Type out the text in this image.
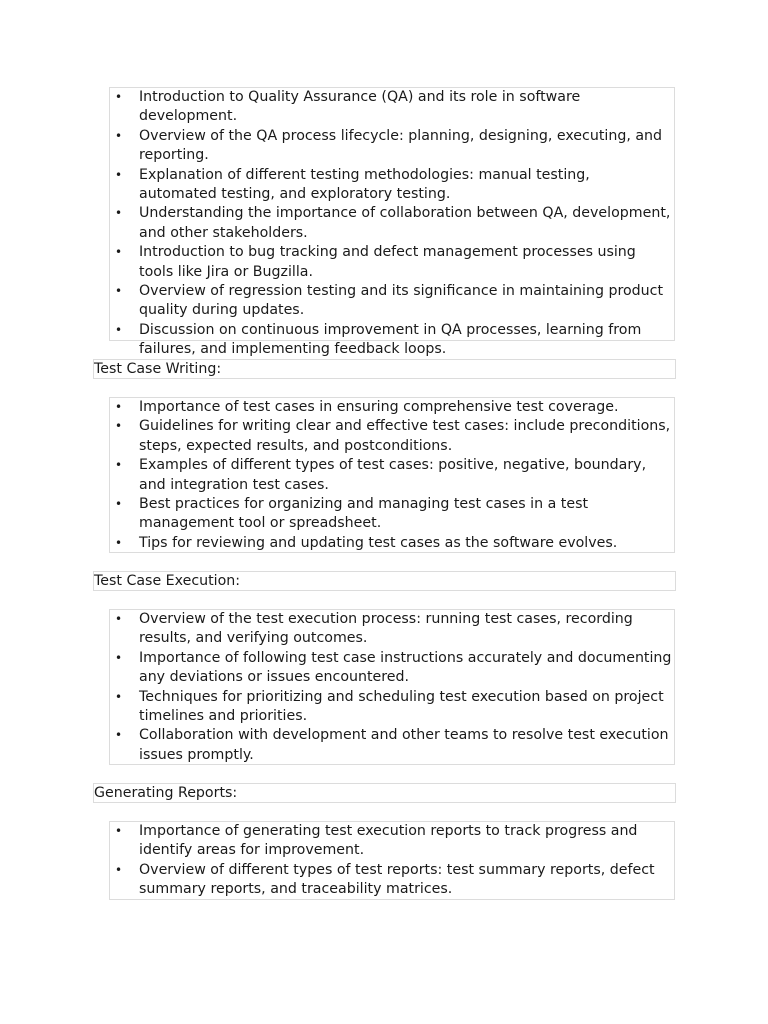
• Introduction to Quality Assurance (QA) and its role in software development.
• Overview of the QA process lifecycle: planning, designing, executing, and reporting.
• Explanation of different testing methodologies: manual testing, automated testing, and exploratory testing.
• Understanding the importance of collaboration between QA, development, and other stakeholders.
• Introduction to bug tracking and defect management processes using tools like Jira or Bugzilla.
• Overview of regression testing and its significance in maintaining product quality during updates.
• Discussion on continuous improvement in QA processes, learning from failures, and implementing feedback loops.
Test Case Writing:
• Importance of test cases in ensuring comprehensive test coverage.
• Guidelines for writing clear and effective test cases: include preconditions, steps, expected results, and postconditions.
• Examples of different types of test cases: positive, negative, boundary, and integration test cases.
• Best practices for organizing and managing test cases in a test management tool or spreadsheet.
• Tips for reviewing and updating test cases as the software evolves.
Test Case Execution:
• Overview of the test execution process: running test cases, recording results, and verifying outcomes.
• Importance of following test case instructions accurately and documenting any deviations or issues encountered.
• Techniques for prioritizing and scheduling test execution based on project timelines and priorities.
• Collaboration with development and other teams to resolve test execution issues promptly.
Generating Reports:
• Importance of generating test execution reports to track progress and identify areas for improvement.
• Overview of different types of test reports: test summary reports, defect summary reports, and traceability matrices.
